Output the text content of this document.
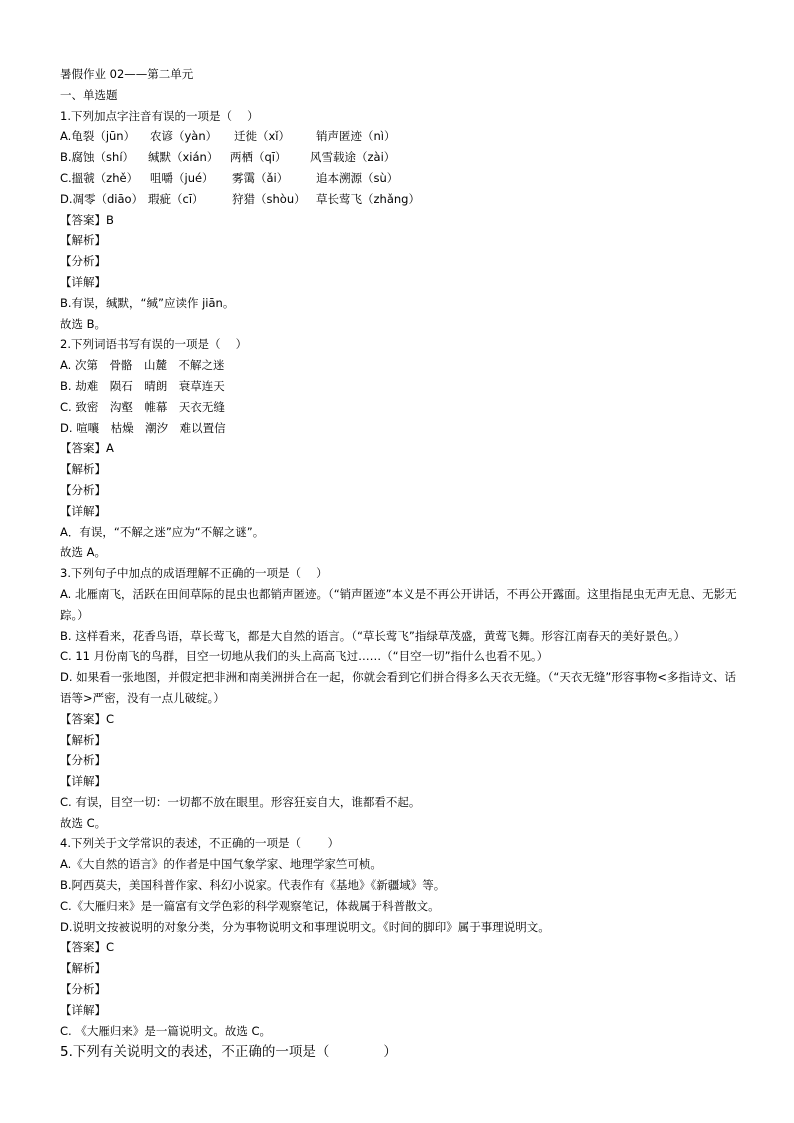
暑假作业 02——第二单元
一、单选题
1.下列加点字注音有误的一项是（　 ）
A.龟裂（jūn） 农谚（yàn） 迁徙（xǐ） 销声匿迹（nì）
B.腐蚀（shí） 缄默（xián） 两栖（qī） 风雪载途（zài）
C.搵虢（zhě） 咀嚼（jué） 雾霭（ǎi） 追本溯源（sù）
D.凋零（diāo） 瑕疵（cī） 狩猎（shòu） 草长莺飞（zhǎng）
【答案】B
【解析】
【分析】
【详解】
B.有误，缄默，“缄”应读作 jiān。
故选 B。
2.下列词语书写有误的一项是（　 ）
A. 次第　骨骼　山麓　不解之迷
B. 劫难　陨石　晴朗　衰草连天
C. 致密　沟壑　帷幕　天衣无缝
D. 喧嚷　枯燥　潮汐　难以置信
【答案】A
【解析】
【分析】
【详解】
A．有误，“不解之迷”应为“不解之谜”。
故选 A。
3.下列句子中加点的成语理解不正确的一项是（　 ）
A. 北雁南飞，活跃在田间草际的昆虫也都销声匿迹。（“销声匿迹”本义是不再公开讲话，不再公开露面。这里指昆虫无声无息、无影无踪。）
B. 这样看来，花香鸟语，草长莺飞，都是大自然的语言。（“草长莺飞”指绿草茂盛，黄莺飞舞。形容江南春天的美好景色。）
C. 11 月份南飞的鸟群，目空一切地从我们的头上高高飞过……（“目空一切”指什么也看不见。）
D. 如果看一张地图，并假定把非洲和南美洲拼合在一起，你就会看到它们拼合得多么天衣无缝。（“天衣无缝”形容事物<多指诗文、话语等>严密，没有一点儿破绽。）
【答案】C
【解析】
【分析】
【详解】
C. 有误，目空一切：一切都不放在眼里。形容狂妄自大，谁都看不起。
故选 C。
4.下列关于文学常识的表述，不正确的一项是（　　 ）
A.《大自然的语言》的作者是中国气象学家、地理学家竺可桢。
B.阿西莫夫，美国科普作家、科幻小说家。代表作有《基地》《新疆域》等。
C.《大雁归来》是一篇富有文学色彩的科学观察笔记，体裁属于科普散文。
D.说明文按被说明的对象分类，分为事物说明文和事理说明文。《时间的脚印》属于事理说明文。
【答案】C
【解析】
【分析】
【详解】
C. 《大雁归来》是一篇说明文。故选 C。
5.下列有关说明文的表述，不正确的一项是（　　　　）
